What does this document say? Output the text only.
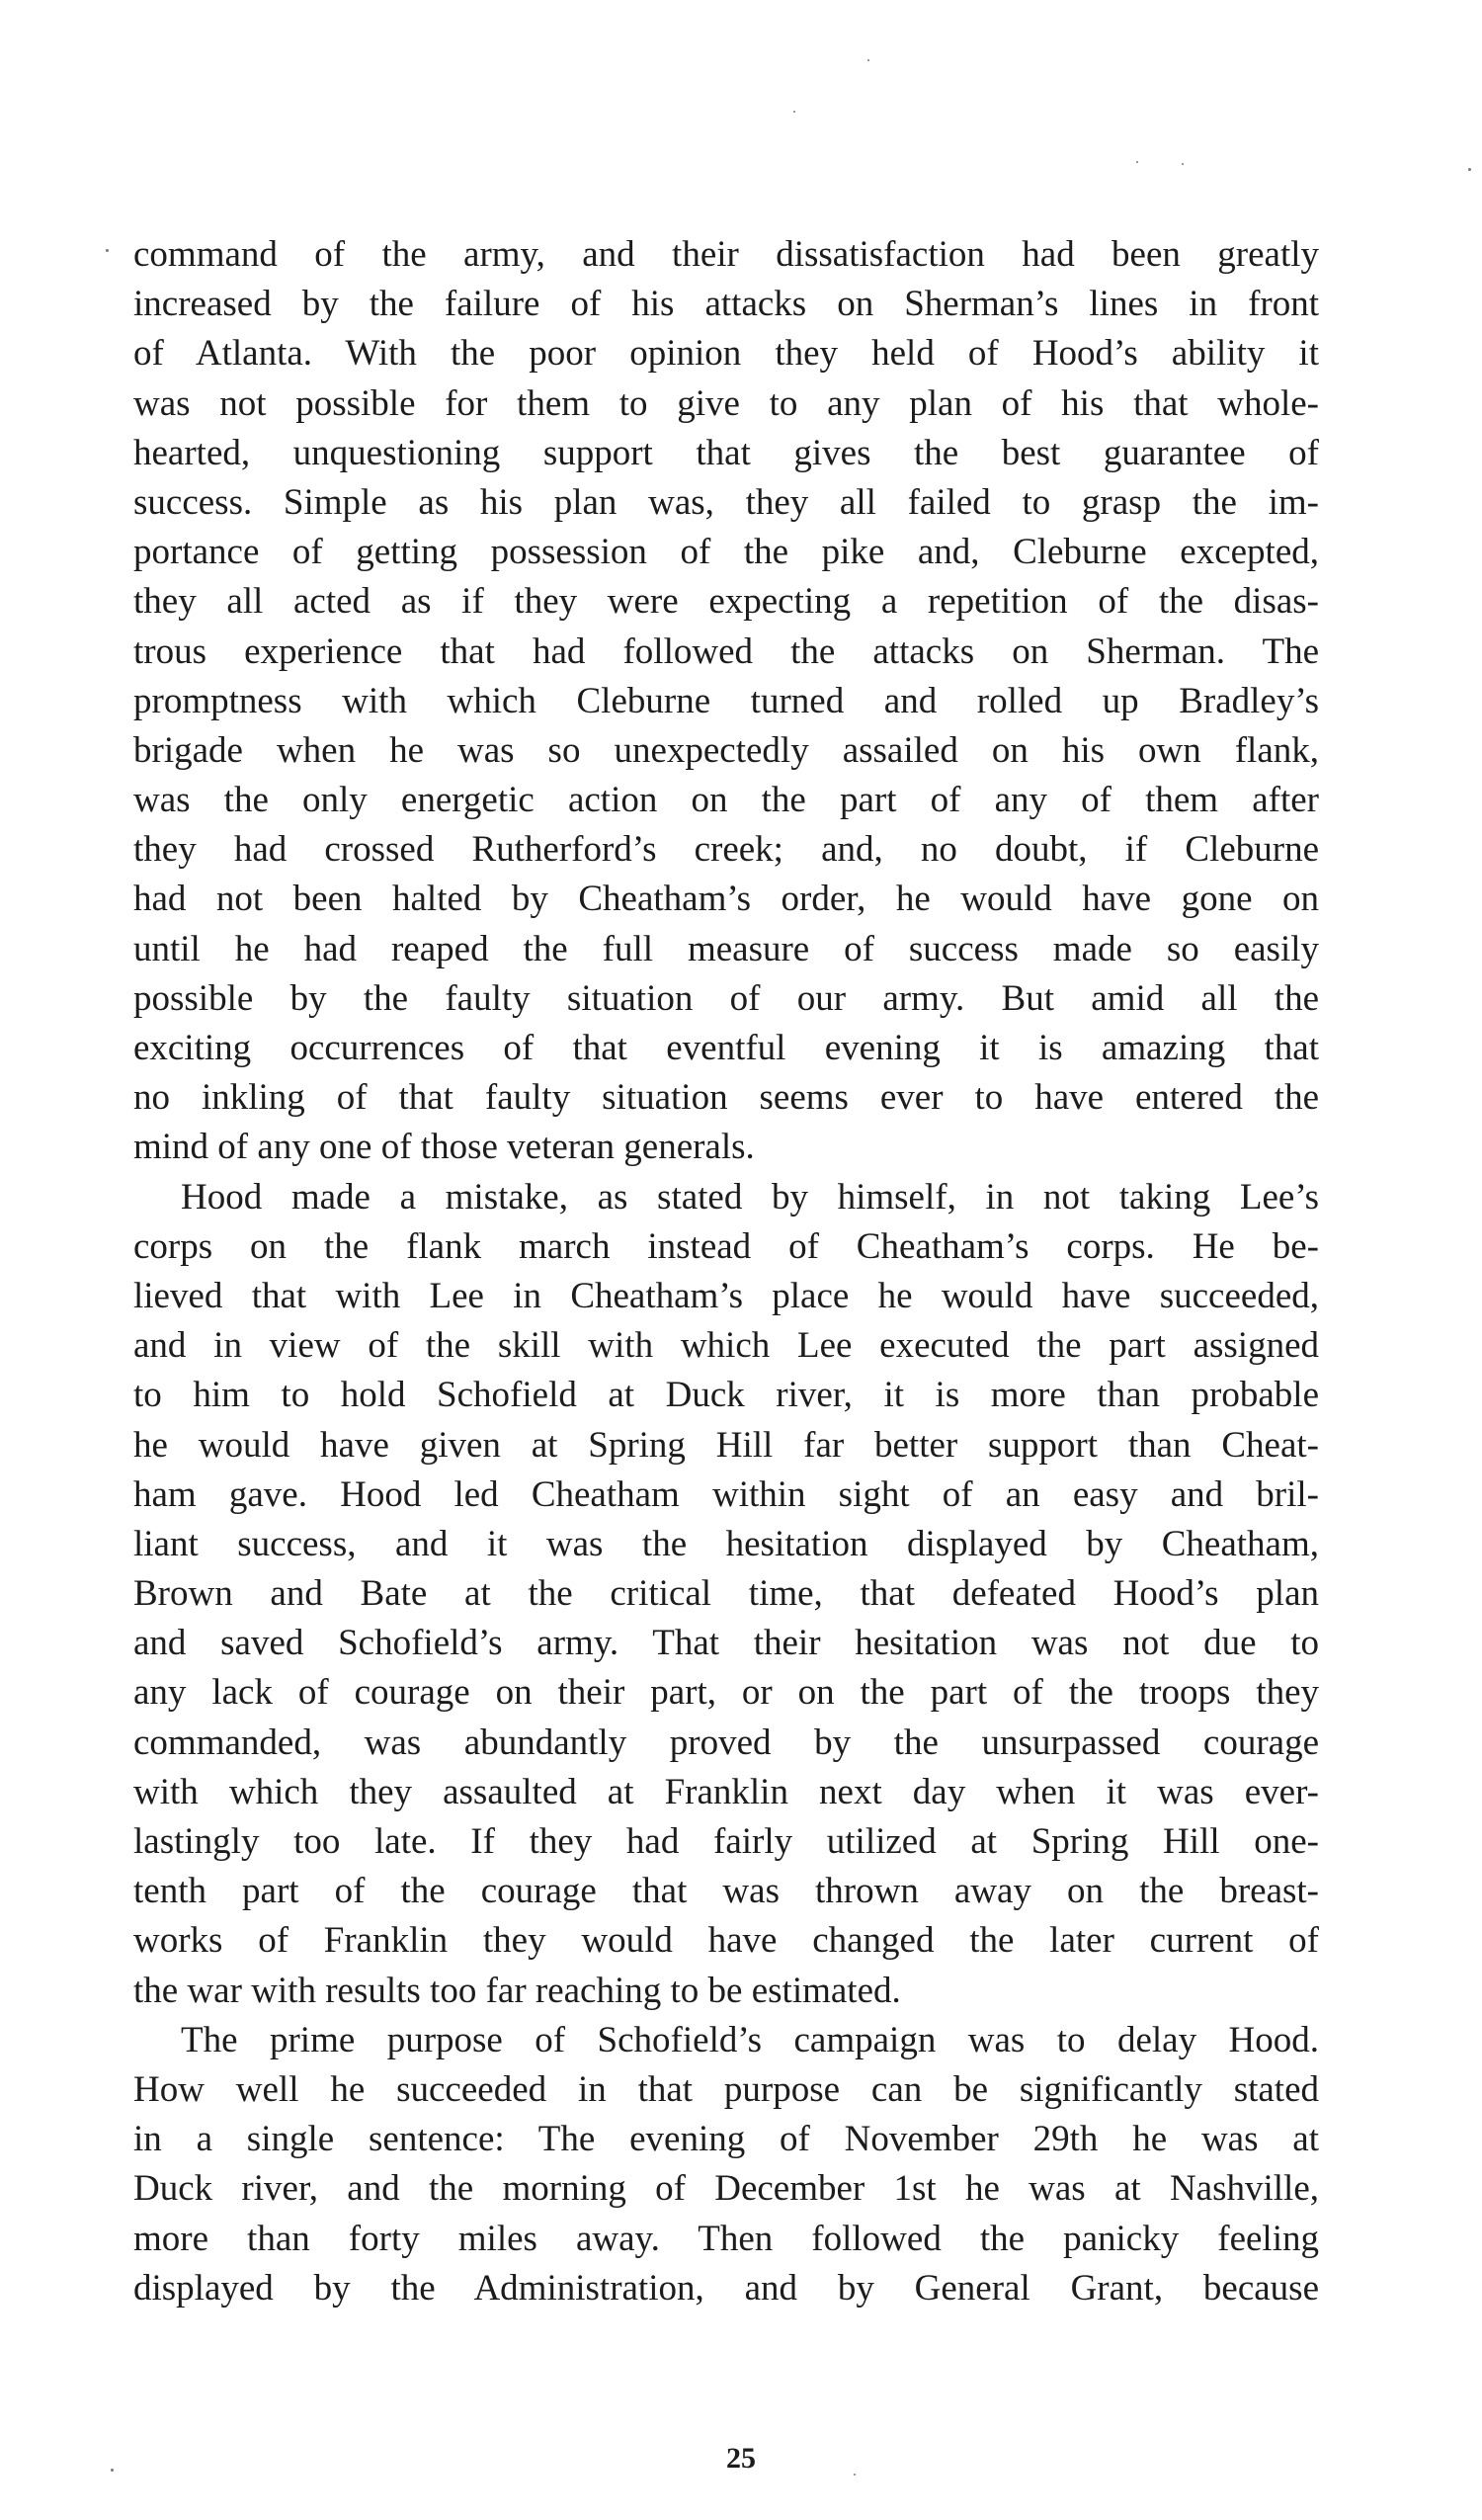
command of the army, and their dissatisfaction had been greatly
increased by the failure of his attacks on Sherman’s lines in front
of Atlanta. With the poor opinion they held of Hood’s ability it
was not possible for them to give to any plan of his that whole-
hearted, unquestioning support that gives the best guarantee of
success. Simple as his plan was, they all failed to grasp the im-
portance of getting possession of the pike and, Cleburne excepted,
they all acted as if they were expecting a repetition of the disas-
trous experience that had followed the attacks on Sherman. The
promptness with which Cleburne turned and rolled up Bradley’s
brigade when he was so unexpectedly assailed on his own flank,
was the only energetic action on the part of any of them after
they had crossed Rutherford’s creek; and, no doubt, if Cleburne
had not been halted by Cheatham’s order, he would have gone on
until he had reaped the full measure of success made so easily
possible by the faulty situation of our army. But amid all the
exciting occurrences of that eventful evening it is amazing that
no inkling of that faulty situation seems ever to have entered the
mind of any one of those veteran generals.
Hood made a mistake, as stated by himself, in not taking Lee’s
corps on the flank march instead of Cheatham’s corps. He be-
lieved that with Lee in Cheatham’s place he would have succeeded,
and in view of the skill with which Lee executed the part assigned
to him to hold Schofield at Duck river, it is more than probable
he would have given at Spring Hill far better support than Cheat-
ham gave. Hood led Cheatham within sight of an easy and bril-
liant success, and it was the hesitation displayed by Cheatham,
Brown and Bate at the critical time, that defeated Hood’s plan
and saved Schofield’s army. That their hesitation was not due to
any lack of courage on their part, or on the part of the troops they
commanded, was abundantly proved by the unsurpassed courage
with which they assaulted at Franklin next day when it was ever-
lastingly too late. If they had fairly utilized at Spring Hill one-
tenth part of the courage that was thrown away on the breast-
works of Franklin they would have changed the later current of
the war with results too far reaching to be estimated.
The prime purpose of Schofield’s campaign was to delay Hood.
How well he succeeded in that purpose can be significantly stated
in a single sentence: The evening of November 29th he was at
Duck river, and the morning of December 1st he was at Nashville,
more than forty miles away. Then followed the panicky feeling
displayed by the Administration, and by General Grant, because
25
